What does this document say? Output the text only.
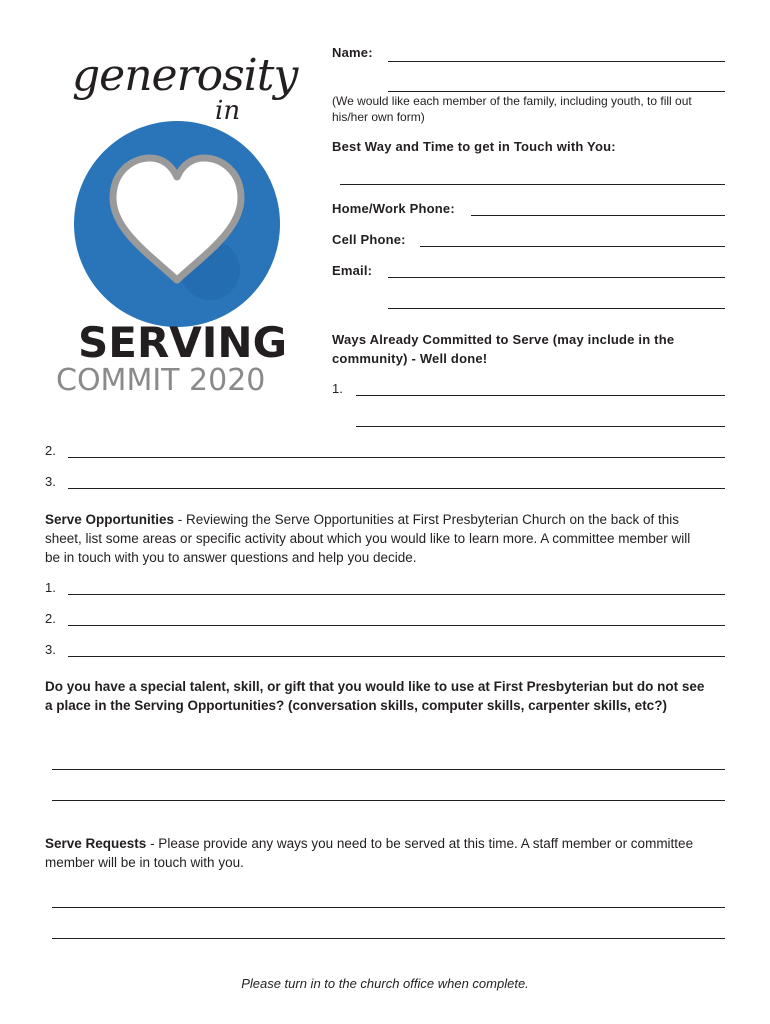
generosity
in
SERVING
COMMIT 2020
Name:
(We would like each member of the family, including youth, to fill out his/her own form)
Best Way and Time to get in Touch with You:
Home/Work Phone:
Cell Phone:
Email:
Ways Already Committed to Serve (may include in the community) - Well done!
1.
2.
3.
Serve Opportunities - Reviewing the Serve Opportunities at First Presbyterian Church on the back of this sheet, list some areas or specific activity about which you would like to learn more. A committee member will be in touch with you to answer questions and help you decide.
1.
2.
3.
Do you have a special talent, skill, or gift that you would like to use at First Presbyterian but do not see a place in the Serving Opportunities? (conversation skills, computer skills, carpenter skills, etc?)
Serve Requests - Please provide any ways you need to be served at this time. A staff member or committee member will be in touch with you.
Please turn in to the church office when complete.
